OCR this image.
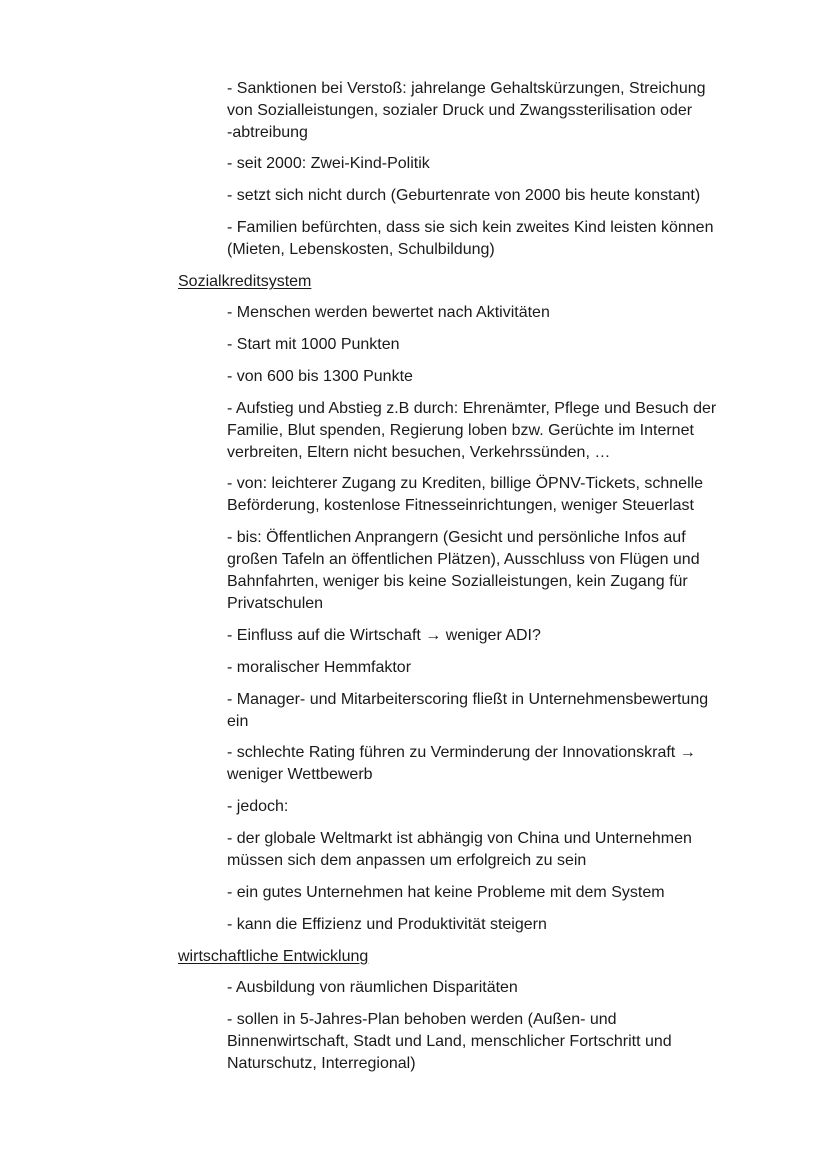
- Sanktionen bei Verstoß: jahrelange Gehaltskürzungen, Streichung
von Sozialleistungen, sozialer Druck und Zwangssterilisation oder
-abtreibung
- seit 2000: Zwei-Kind-Politik
- setzt sich nicht durch (Geburtenrate von 2000 bis heute konstant)
- Familien befürchten, dass sie sich kein zweites Kind leisten können
(Mieten, Lebenskosten, Schulbildung)
Sozialkreditsystem
- Menschen werden bewertet nach Aktivitäten
- Start mit 1000 Punkten
- von 600 bis 1300 Punkte
- Aufstieg und Abstieg z.B durch: Ehrenämter, Pflege und Besuch der
Familie, Blut spenden, Regierung loben bzw. Gerüchte im Internet
verbreiten, Eltern nicht besuchen, Verkehrssünden, …
- von: leichterer Zugang zu Krediten, billige ÖPNV-Tickets, schnelle
Beförderung, kostenlose Fitnesseinrichtungen, weniger Steuerlast
- bis: Öffentlichen Anprangern (Gesicht und persönliche Infos auf
großen Tafeln an öffentlichen Plätzen), Ausschluss von Flügen und
Bahnfahrten, weniger bis keine Sozialleistungen, kein Zugang für
Privatschulen
- Einfluss auf die Wirtschaft → weniger ADI?
- moralischer Hemmfaktor
- Manager- und Mitarbeiterscoring fließt in Unternehmensbewertung
ein
- schlechte Rating führen zu Verminderung der Innovationskraft →
weniger Wettbewerb
- jedoch:
- der globale Weltmarkt ist abhängig von China und Unternehmen
müssen sich dem anpassen um erfolgreich zu sein
- ein gutes Unternehmen hat keine Probleme mit dem System
- kann die Effizienz und Produktivität steigern
wirtschaftliche Entwicklung
- Ausbildung von räumlichen Disparitäten
- sollen in 5-Jahres-Plan behoben werden (Außen- und
Binnenwirtschaft, Stadt und Land, menschlicher Fortschritt und
Naturschutz, Interregional)
